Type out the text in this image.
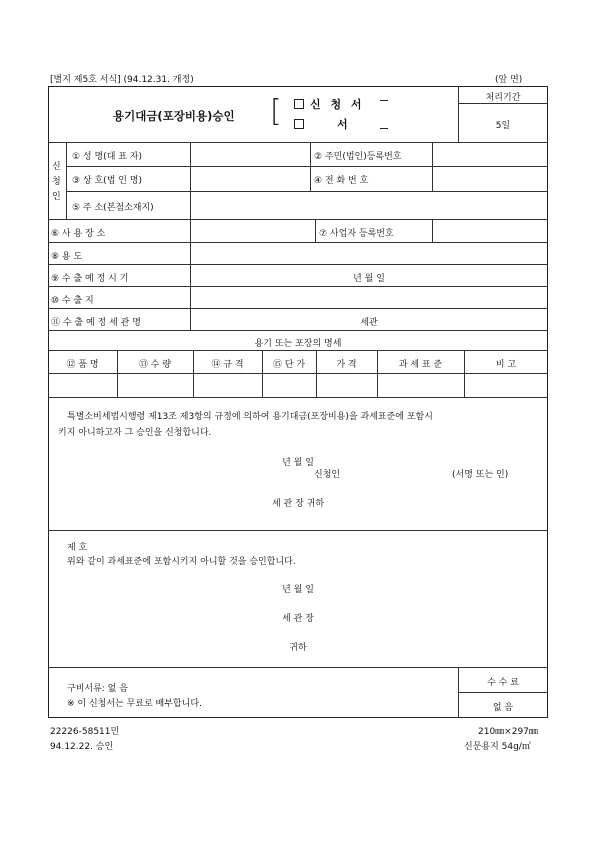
[별지 제5호 서식] (94.12.31. 개정)	(앞 면)
용기대금(포장비용)승인 [	신 청 서
서
처리기간
5일
신청인
① 성 명(대 표 자)	② 주민(법인)등록번호
③ 상 호(법 인 명)	④ 전 화 번 호
⑤ 주 소(본점소재지)
⑥ 사 용 장 소	⑦ 사업자 등록번호
⑧ 용 도
⑨ 수 출 예 정 시 기	년 월 일
⑩ 수 출 지
⑪ 수 출 예 정 세 관 명	세관
용기 또는 포장의 명세
⑫ 품 명	⑬ 수 량	⑭ 규 격	⑮ 단 가	가 격	과 세 표 준	비 고
특별소비세법시행령 제13조 제3항의 규정에 의하여 용기대금(포장비용)을 과세표준에 포함시
키지 아니하고자 그 승인을 신청합니다.
년 월 일
신청인	(서명 또는 인)
세 관 장 귀하
제 호
위와 같이 과세표준에 포함시키지 아니할 것을 승인합니다.
년 월 일
세 관 장
귀하
구비서류: 없 음
※ 이 신청서는 무료로 배부합니다.
수 수 료
없 음
22226-58511민
94.12.22. 승인
210㎜×297㎜
신문용지 54g/㎡
